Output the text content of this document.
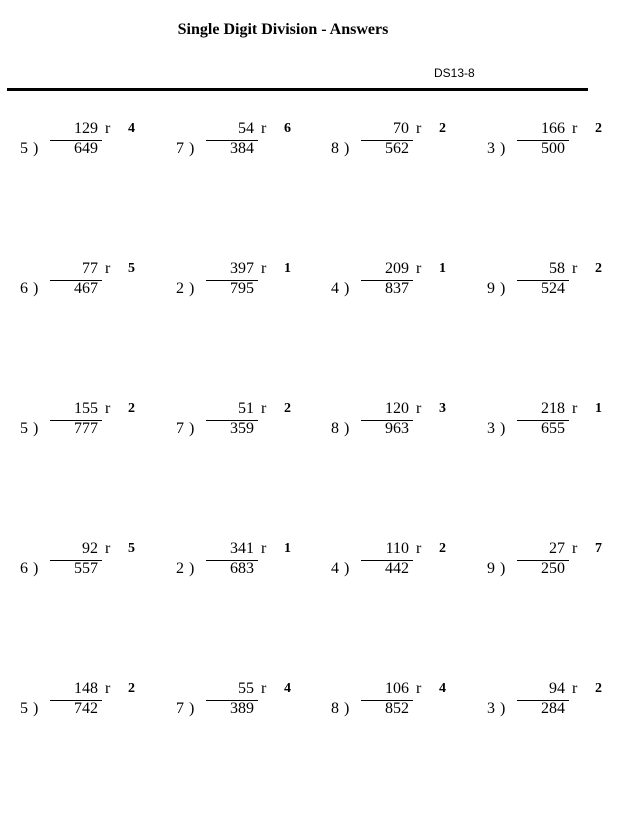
Single Digit Division - Answers
DS13-8
129 r 4
5 )	649
54 r 6
7 )	384
70 r 2
8 )	562
166 r 2
3 )	500
77 r 5
6 )	467
397 r 1
2 )	795
209 r 1
4 )	837
58 r 2
9 )	524
155 r 2
5 )	777
51 r 2
7 )	359
120 r 3
8 )	963
218 r 1
3 )	655
92 r 5
6 )	557
341 r 1
2 )	683
110 r 2
4 )	442
27 r 7
9 )	250
148 r 2
5 )	742
55 r 4
7 )	389
106 r 4
8 )	852
94 r 2
3 )	284
